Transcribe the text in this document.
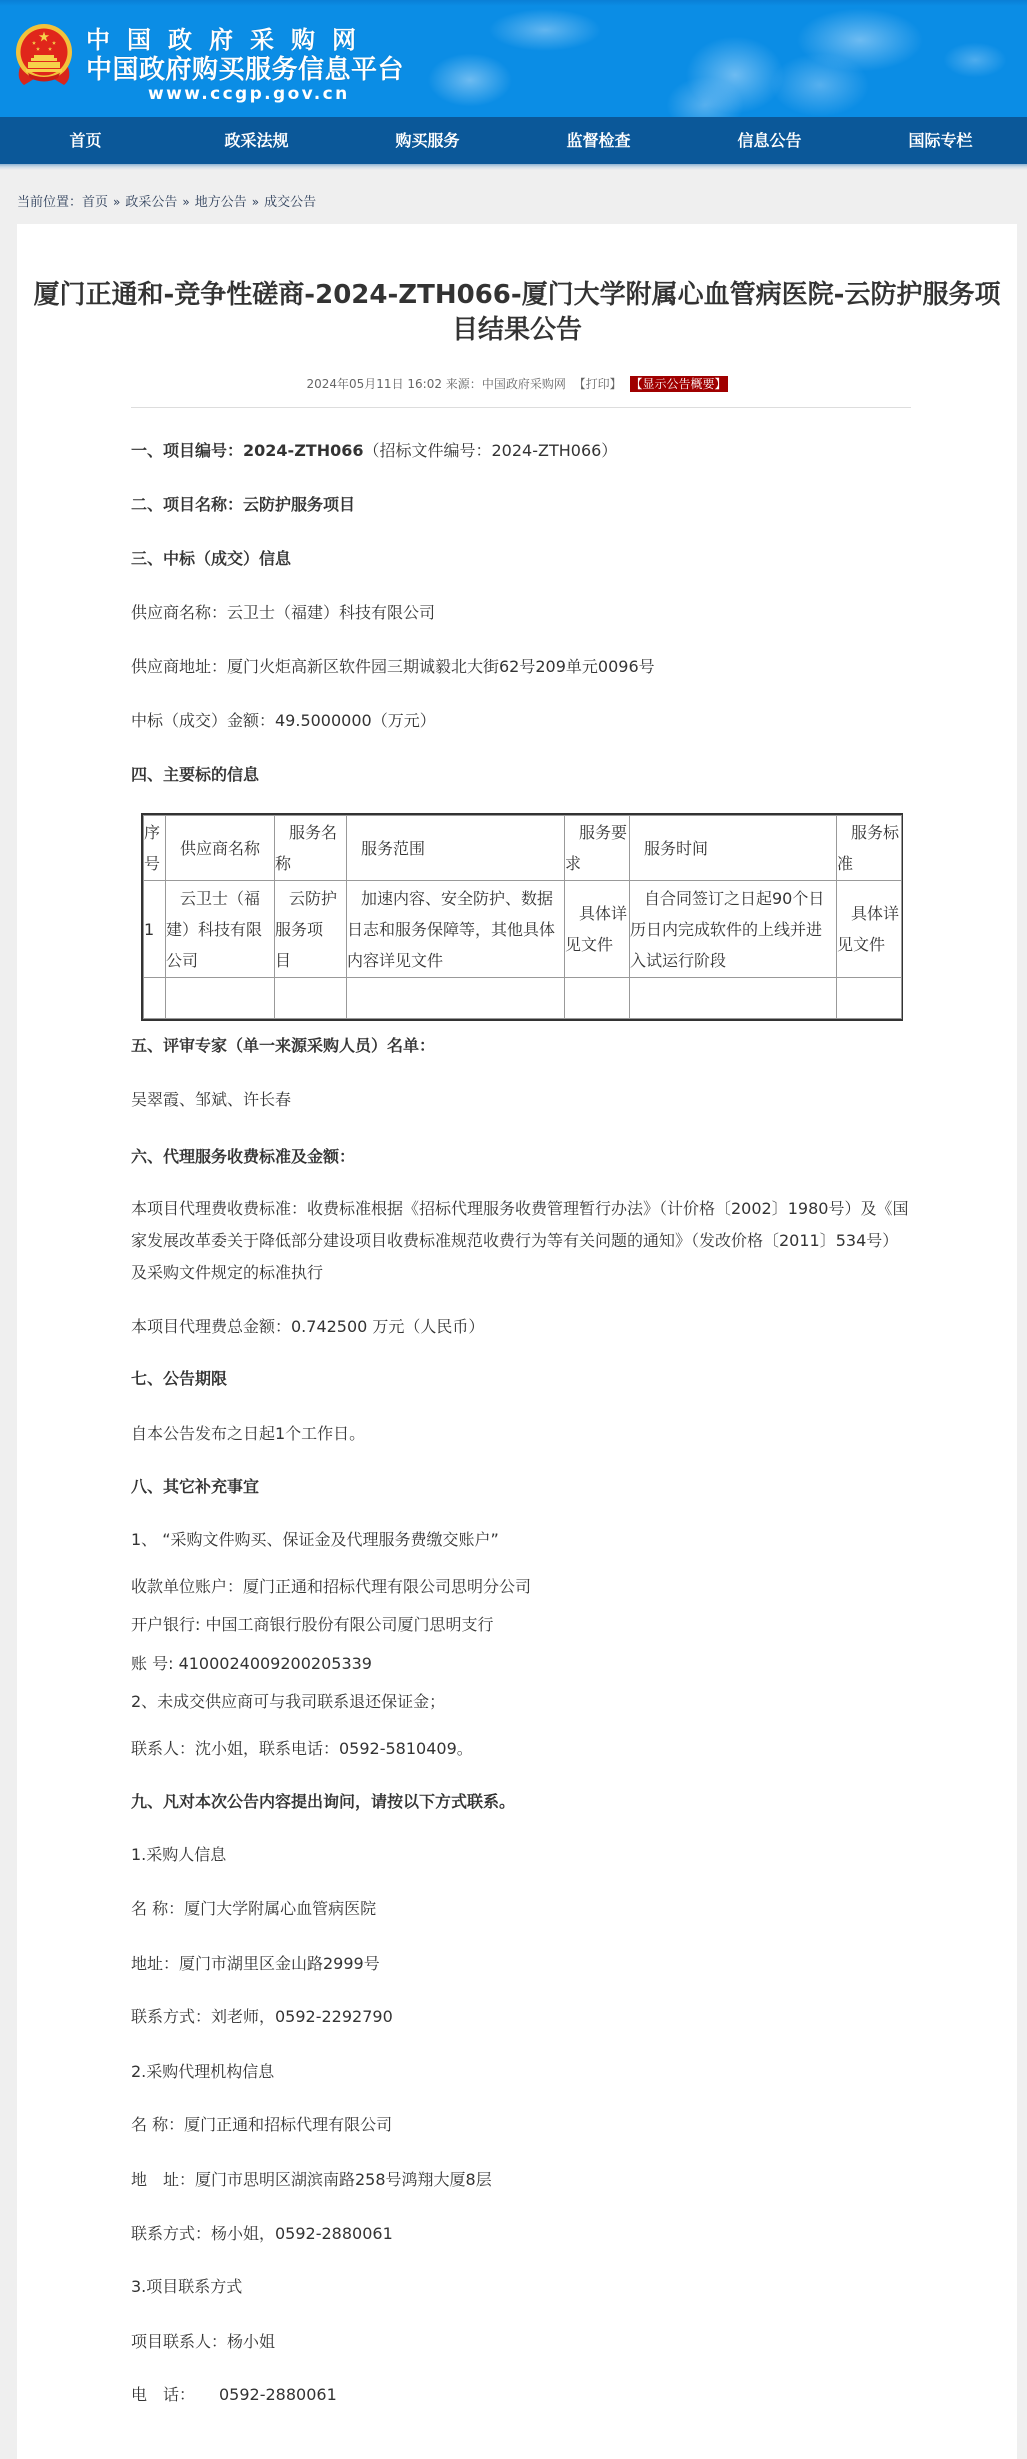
中国政府采购网
中国政府购买服务信息平台
www.ccgp.gov.cn
首页	政采法规	购买服务	监督检查	信息公告	国际专栏
当前位置：首页 » 政采公告 » 地方公告 » 成交公告
厦门正通和-竞争性磋商-2024-ZTH066-厦门大学附属心血管病医院-云防护服务项目结果公告
2024年05月11日 16:02 来源：中国政府采购网 【打印】 【显示公告概要】

一、项目编号：2024-ZTH066（招标文件编号：2024-ZTH066）

二、项目名称：云防护服务项目

三、中标（成交）信息

供应商名称：云卫士（福建）科技有限公司

供应商地址：厦门火炬高新区软件园三期诚毅北大街62号209单元0096号

中标（成交）金额：49.5000000（万元）

四、主要标的信息

序号	供应商名称	服务名称	服务范围	服务要求	服务时间	服务标准
1	云卫士（福建）科技有限公司	云防护服务项目	加速内容、安全防护、数据日志和服务保障等，其他具体内容详见文件	具体详见文件	自合同签订之日起90个日历日内完成软件的上线并进入试运行阶段	具体详见文件

五、评审专家（单一来源采购人员）名单：

吴翠霞、邹斌、许长春

六、代理服务收费标准及金额：

本项目代理费收费标准：收费标准根据《招标代理服务收费管理暂行办法》（计价格〔2002〕1980号）及《国家发展改革委关于降低部分建设项目收费标准规范收费行为等有关问题的通知》（发改价格〔2011〕534号）及采购文件规定的标准执行

本项目代理费总金额：0.742500 万元（人民币）

七、公告期限

自本公告发布之日起1个工作日。

八、其它补充事宜

1、 “采购文件购买、保证金及代理服务费缴交账户”

收款单位账户：厦门正通和招标代理有限公司思明分公司

开户银行: 中国工商银行股份有限公司厦门思明支行

账 号: 4100024009200205339

2、未成交供应商可与我司联系退还保证金；

联系人：沈小姐，联系电话：0592-5810409。

九、凡对本次公告内容提出询问，请按以下方式联系。

1.采购人信息

名 称：厦门大学附属心血管病医院

地址：厦门市湖里区金山路2999号

联系方式：刘老师，0592-2292790

2.采购代理机构信息

名 称：厦门正通和招标代理有限公司

地　址：厦门市思明区湖滨南路258号鸿翔大厦8层

联系方式：杨小姐，0592-2880061

3.项目联系方式

项目联系人：杨小姐

电　话：　　0592-2880061
